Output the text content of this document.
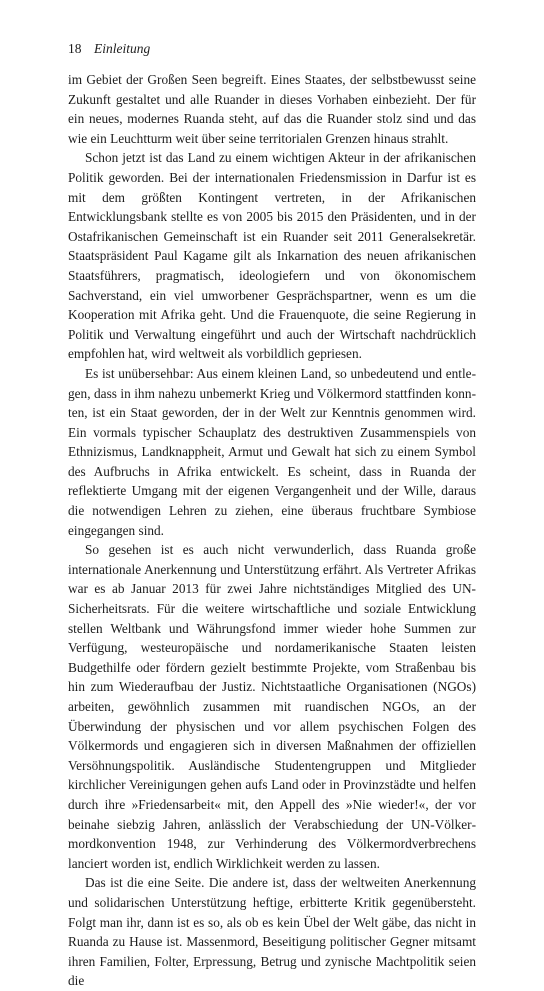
18 Einleitung

im Gebiet der Großen Seen begreift. Eines Staates, der selbstbewusst seine Zukunft gestaltet und alle Ruander in dieses Vorhaben einbezieht. Der für ein neues, modernes Ruanda steht, auf das die Ruander stolz sind und das wie ein Leuchtturm weit über seine territorialen Grenzen hinaus strahlt.

Schon jetzt ist das Land zu einem wichtigen Akteur in der afrikanischen Politik geworden. Bei der internationalen Friedensmission in Darfur ist es mit dem größten Kontingent vertreten, in der Afrikanischen Entwicklungsbank stellte es von 2005 bis 2015 den Präsidenten, und in der Ostafrikanischen Gemeinschaft ist ein Ruander seit 2011 Generalsekretär. Staatspräsident Paul Kagame gilt als Inkarnation des neuen afrikanischen Staatsführers, pragmatisch, ideologiefern und von ökonomischem Sachverstand, ein viel umworbener Gesprächspartner, wenn es um die Kooperation mit Afrika geht. Und die Frauenquote, die seine Regierung in Politik und Verwaltung eingeführt und auch der Wirtschaft nachdrücklich empfohlen hat, wird weltweit als vorbildlich gepriesen.

Es ist unübersehbar: Aus einem kleinen Land, so unbedeutend und entlegen, dass in ihm nahezu unbemerkt Krieg und Völkermord stattfinden konnten, ist ein Staat geworden, der in der Welt zur Kenntnis genommen wird. Ein vormals typischer Schauplatz des destruktiven Zusammenspiels von Ethnizismus, Landknappheit, Armut und Gewalt hat sich zu einem Symbol des Aufbruchs in Afrika entwickelt. Es scheint, dass in Ruanda der reflektierte Umgang mit der eigenen Vergangenheit und der Wille, daraus die notwendigen Lehren zu ziehen, eine überaus fruchtbare Symbiose eingegangen sind.

So gesehen ist es auch nicht verwunderlich, dass Ruanda große internationale Anerkennung und Unterstützung erfährt. Als Vertreter Afrikas war es ab Januar 2013 für zwei Jahre nichtständiges Mitglied des UN-Sicherheitsrats. Für die weitere wirtschaftliche und soziale Entwicklung stellen Weltbank und Währungsfond immer wieder hohe Summen zur Verfügung, westeuropäische und nordamerikanische Staaten leisten Budgethilfe oder fördern gezielt bestimmte Projekte, vom Straßenbau bis hin zum Wiederaufbau der Justiz. Nichtstaatliche Organisationen (NGOs) arbeiten, gewöhnlich zusammen mit ruandischen NGOs, an der Überwindung der physischen und vor allem psychischen Folgen des Völkermords und engagieren sich in diversen Maßnahmen der offiziellen Versöhnungspolitik. Ausländische Studentengruppen und Mitglieder kirchlicher Vereinigungen gehen aufs Land oder in Provinzstädte und helfen durch ihre »Friedensarbeit« mit, den Appell des »Nie wieder!«, der vor beinahe siebzig Jahren, anlässlich der Verabschiedung der UN-Völkermordkonvention 1948, zur Verhinderung des Völkermordverbrechens lanciert worden ist, endlich Wirklichkeit werden zu lassen.

Das ist die eine Seite. Die andere ist, dass der weltweiten Anerkennung und solidarischen Unterstützung heftige, erbitterte Kritik gegenübersteht. Folgt man ihr, dann ist es so, als ob es kein Übel der Welt gäbe, das nicht in Ruanda zu Hause ist. Massenmord, Beseitigung politischer Gegner mitsamt ihren Familien, Folter, Erpressung, Betrug und zynische Machtpolitik seien die
